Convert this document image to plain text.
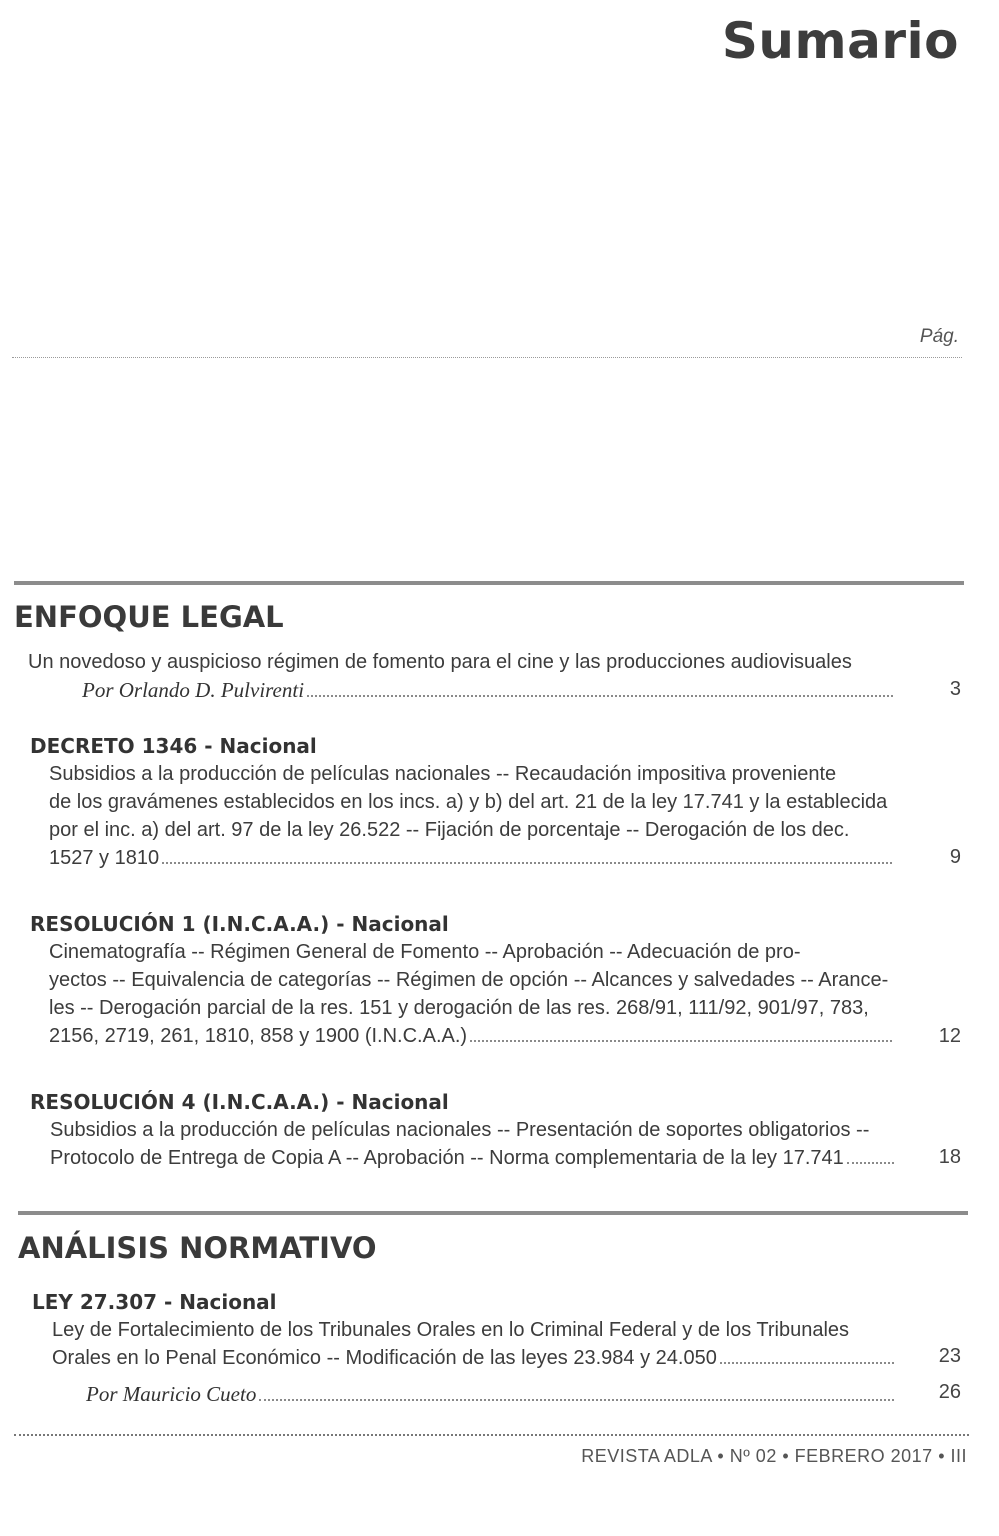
Sumario
Pág.
ENFOQUE LEGAL
Un novedoso y auspicioso régimen de fomento para el cine y las producciones audiovisuales
Por Orlando D. Pulvirenti	3
DECRETO 1346 - Nacional
Subsidios a la producción de películas nacionales -- Recaudación impositiva proveniente
de los gravámenes establecidos en los incs. a) y b) del art. 21 de la ley 17.741 y la establecida
por el inc. a) del art. 97 de la ley 26.522 -- Fijación de porcentaje -- Derogación de los dec.
1527 y 1810	9
RESOLUCIÓN 1 (I.N.C.A.A.) - Nacional
Cinematografía -- Régimen General de Fomento -- Aprobación -- Adecuación de pro-
yectos -- Equivalencia de categorías -- Régimen de opción -- Alcances y salvedades -- Arance-
les -- Derogación parcial de la res. 151 y derogación de las res. 268/91, 111/92, 901/97, 783,
2156, 2719, 261, 1810, 858 y 1900 (I.N.C.A.A.)	12
RESOLUCIÓN 4 (I.N.C.A.A.) - Nacional
Subsidios a la producción de películas nacionales -- Presentación de soportes obligatorios --
Protocolo de Entrega de Copia A -- Aprobación -- Norma complementaria de la ley 17.741	18
ANÁLISIS NORMATIVO
LEY 27.307 - Nacional
Ley de Fortalecimiento de los Tribunales Orales en lo Criminal Federal y de los Tribunales
Orales en lo Penal Económico -- Modificación de las leyes 23.984 y 24.050	23
Por Mauricio Cueto	26
REVISTA ADLA • Nº 02 • FEBRERO 2017 • III
